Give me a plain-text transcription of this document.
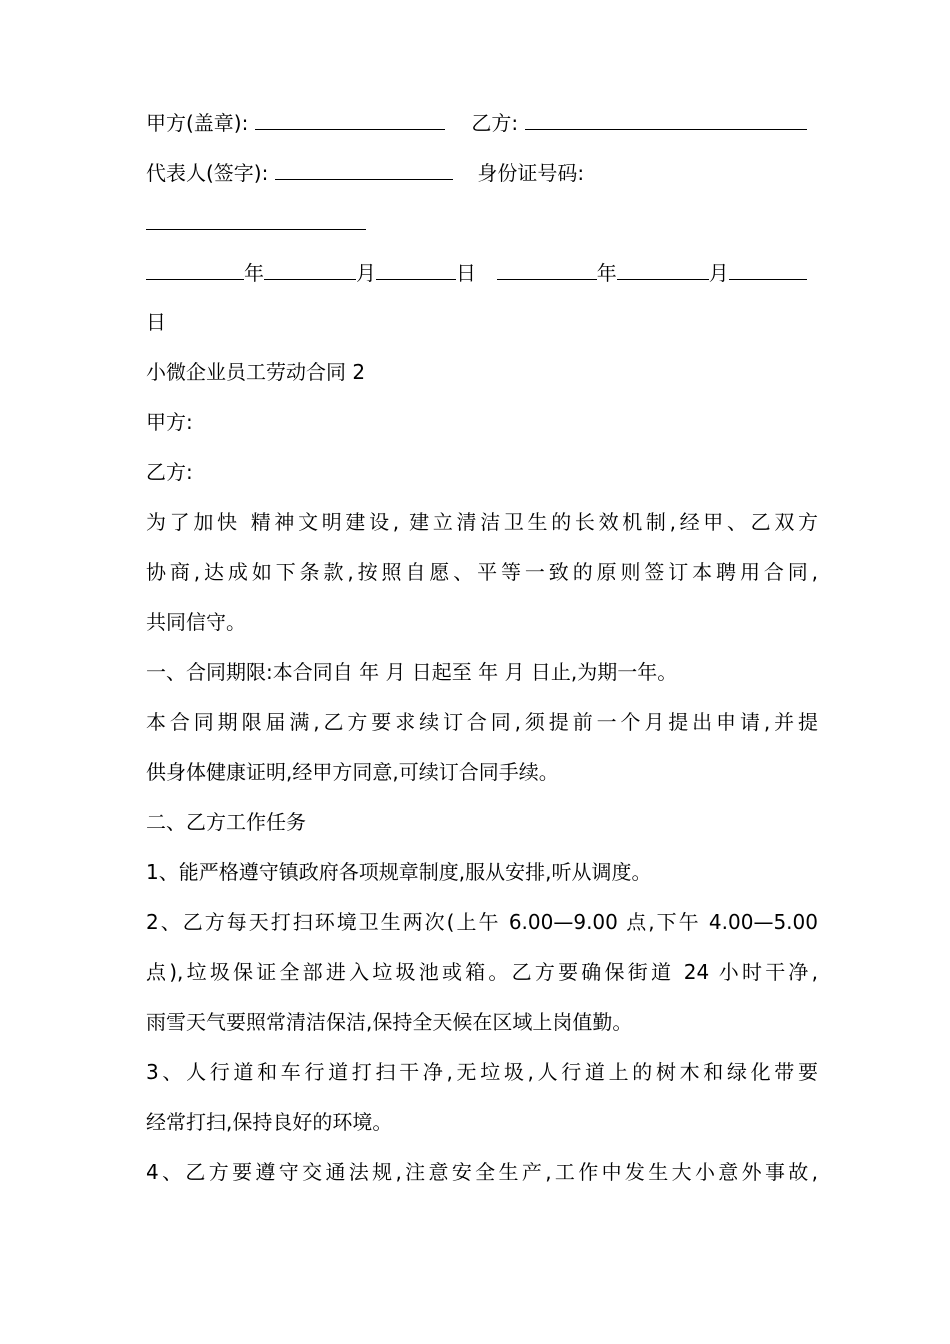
甲方(盖章):	乙方:
代表人(签字):	身份证号码:
年	月	日	年	月
日
小微企业员工劳动合同 2
甲方:
乙方:
为了加快 精神文明建设, 建立清洁卫生的长效机制,经甲、乙双方
协商,达成如下条款,按照自愿、平等一致的原则签订本聘用合同,
共同信守。
一、合同期限:本合同自 年 月 日起至 年 月 日止,为期一年。
本合同期限届满,乙方要求续订合同,须提前一个月提出申请,并提
供身体健康证明,经甲方同意,可续订合同手续。
二、乙方工作任务
1、能严格遵守镇政府各项规章制度,服从安排,听从调度。
2、乙方每天打扫环境卫生两次(上午 6.00—9.00 点,下午 4.00—5.00
点),垃圾保证全部进入垃圾池或箱。乙方要确保街道 24 小时干净,
雨雪天气要照常清洁保洁,保持全天候在区域上岗值勤。
3、人行道和车行道打扫干净,无垃圾,人行道上的树木和绿化带要
经常打扫,保持良好的环境。
4、乙方要遵守交通法规,注意安全生产,工作中发生大小意外事故,
